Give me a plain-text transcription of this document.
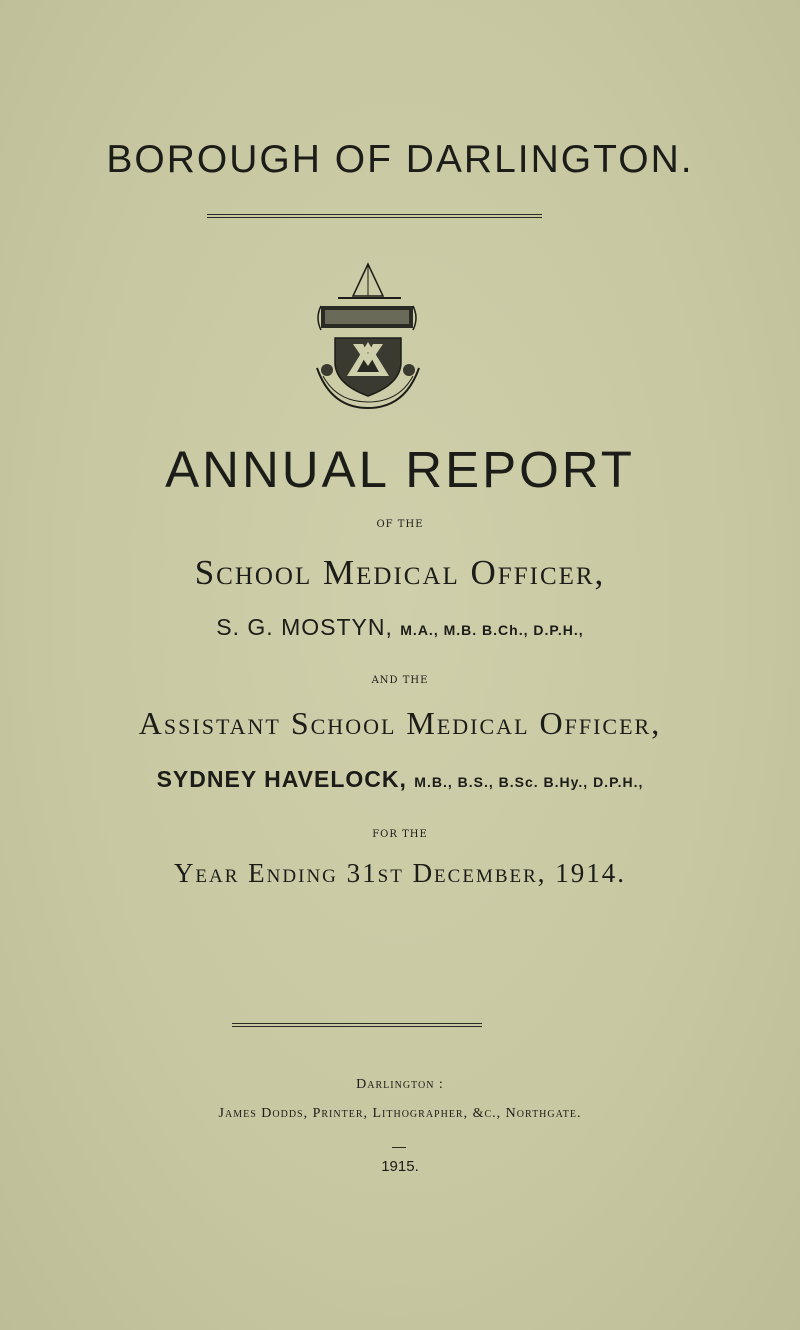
BOROUGH OF DARLINGTON.
ANNUAL REPORT
OF THE
School Medical Officer,
S. G. MOSTYN, M.A., M.B. B.Ch., D.P.H.,
AND THE
Assistant School Medical Officer,
SYDNEY HAVELOCK, M.B., B.S., B.Sc. B.Hy., D.P.H.,
FOR THE
Year Ending 31st December, 1914.
Darlington :
James Dodds, Printer, Lithographer, &c., Northgate.
1915.
